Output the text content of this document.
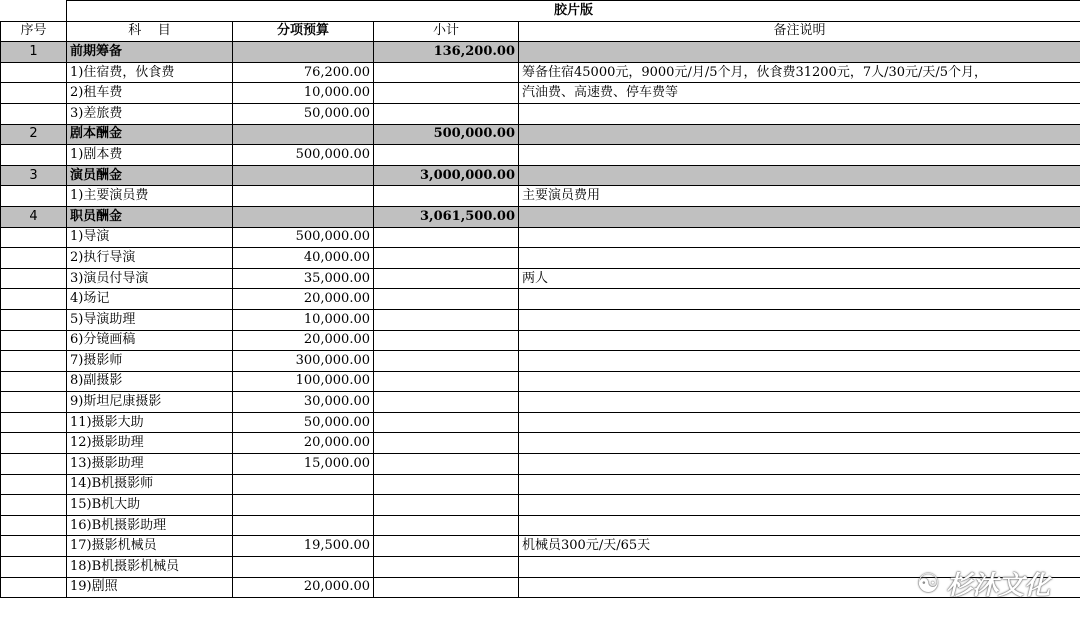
	胶片版			
序号	科    目	分项预算	小计	备注说明
1	前期筹备		136,200.00	
	1)住宿费，伙食费	76,200.00		筹备住宿45000元，9000元/月/5个月，伙食费31200元，7人/30元/天/5个月，
	2)租车费	10,000.00		汽油费、高速费、停车费等
	3)差旅费	50,000.00		
2	剧本酬金		500,000.00	
	1)剧本费	500,000.00		
3	演员酬金		3,000,000.00	
	1)主要演员费			主要演员费用
4	职员酬金		3,061,500.00	
	1)导演	500,000.00		
	2)执行导演	40,000.00		
	3)演员付导演	35,000.00		两人
	4)场记	20,000.00		
	5)导演助理	10,000.00		
	6)分镜画稿	20,000.00		
	7)摄影师	300,000.00		
	8)副摄影	100,000.00		
	9)斯坦尼康摄影	30,000.00		
	11)摄影大助	50,000.00		
	12)摄影助理	20,000.00		
	13)摄影助理	15,000.00		
	14)B机摄影师			
	15)B机大助			
	16)B机摄影助理			
	17)摄影机械员	19,500.00		机械员300元/天/65天
	18)B机摄影机械员			
	19)剧照	20,000.00			☯ 杉沐文化
